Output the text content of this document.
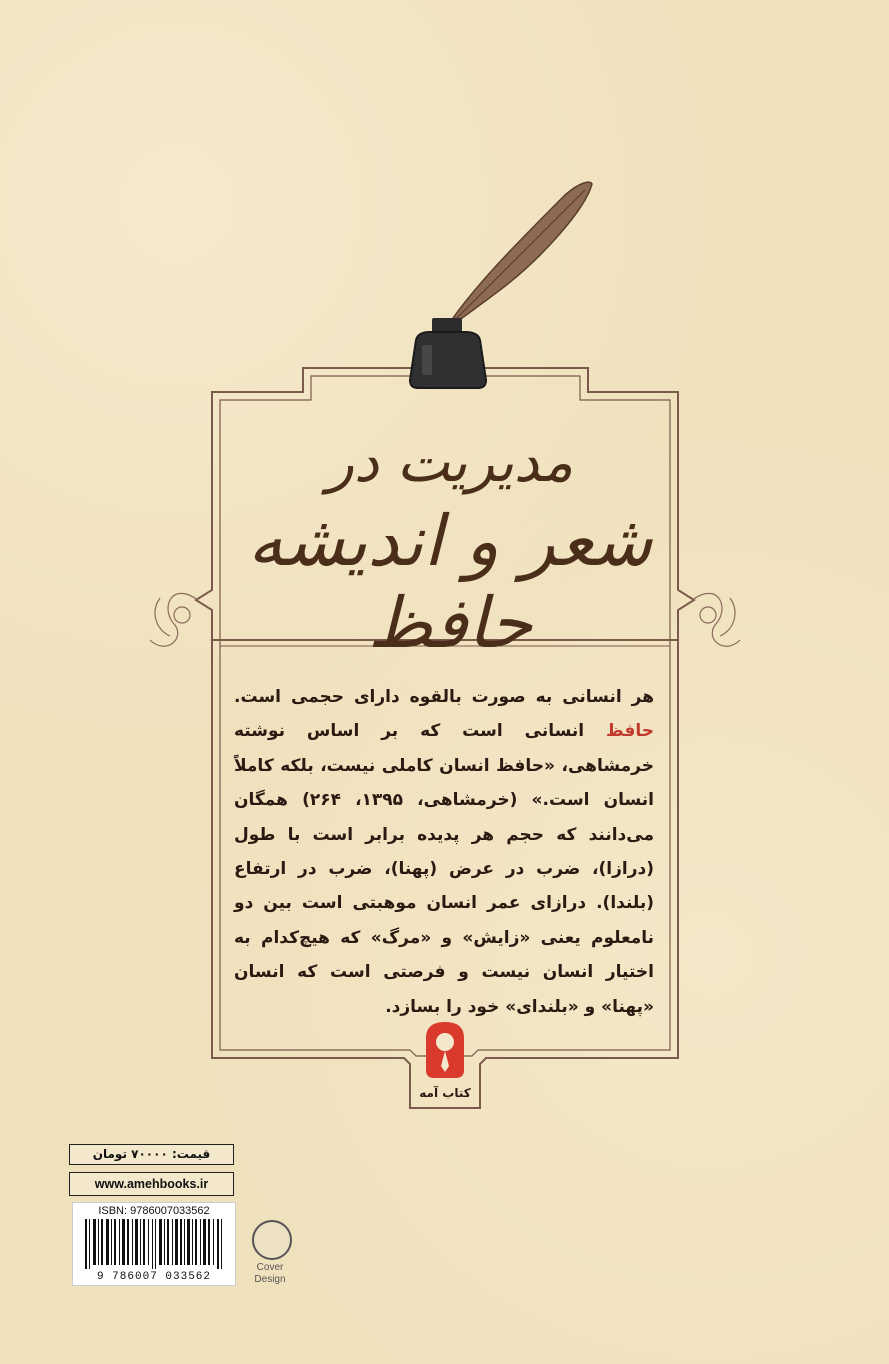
مدیریت در
شعر و اندیشه حافظ
هر انسانی به صورت بالقوه دارای حجمی است. حافظ انسانی است که بر اساس نوشته خرمشاهی، «حافظ انسان کاملی نیست، بلکه کاملاً انسان است.» (خرمشاهی، ۱۳۹۵، ۲۶۴) همگان می‌دانند که حجم هر پدیده برابر است با طول (درازا)، ضرب در عرض (پهنا)، ضرب در ارتفاع (بلندا). درازای عمر انسان موهبتی است بین دو نامعلوم یعنی «زایش» و «مرگ» که هیچ‌کدام به اختیار انسان نیست و فرصتی است که انسان «پهنا» و «بلندای» خود را بسازد.
کتاب آمه
قیمت: ۷۰۰۰۰ تومان
www.amehbooks.ir
ISBN: 9786007033562
9 786007 033562
Cover
Design
